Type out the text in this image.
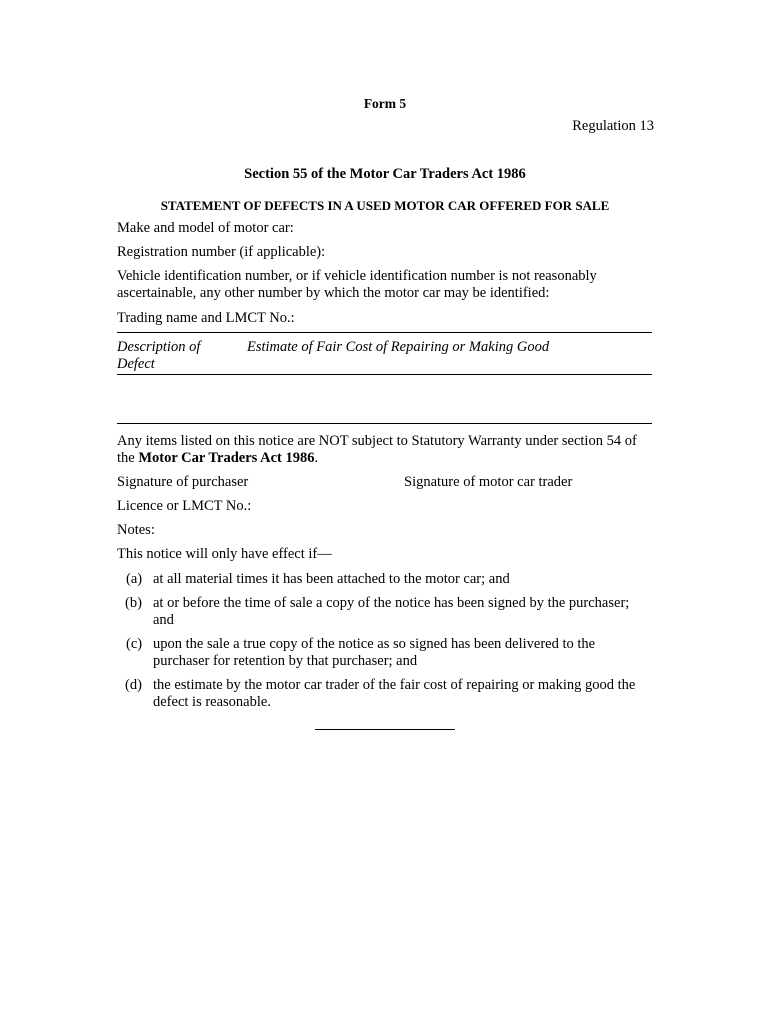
Form 5
Regulation 13
Section 55 of the Motor Car Traders Act 1986
STATEMENT OF DEFECTS IN A USED MOTOR CAR OFFERED FOR SALE
Make and model of motor car:
Registration number (if applicable):
Vehicle identification number, or if vehicle identification number is not reasonably ascertainable, any other number by which the motor car may be identified:
Trading name and LMCT No.:
Description of Defect
Estimate of Fair Cost of Repairing or Making Good
Any items listed on this notice are NOT subject to Statutory Warranty under section 54 of the Motor Car Traders Act 1986.
Signature of purchaser	Signature of motor car trader
Licence or LMCT No.:
Notes:
This notice will only have effect if—
(a) at all material times it has been attached to the motor car; and
(b) at or before the time of sale a copy of the notice has been signed by the purchaser; and
(c) upon the sale a true copy of the notice as so signed has been delivered to the purchaser for retention by that purchaser; and
(d) the estimate by the motor car trader of the fair cost of repairing or making good the defect is reasonable.
